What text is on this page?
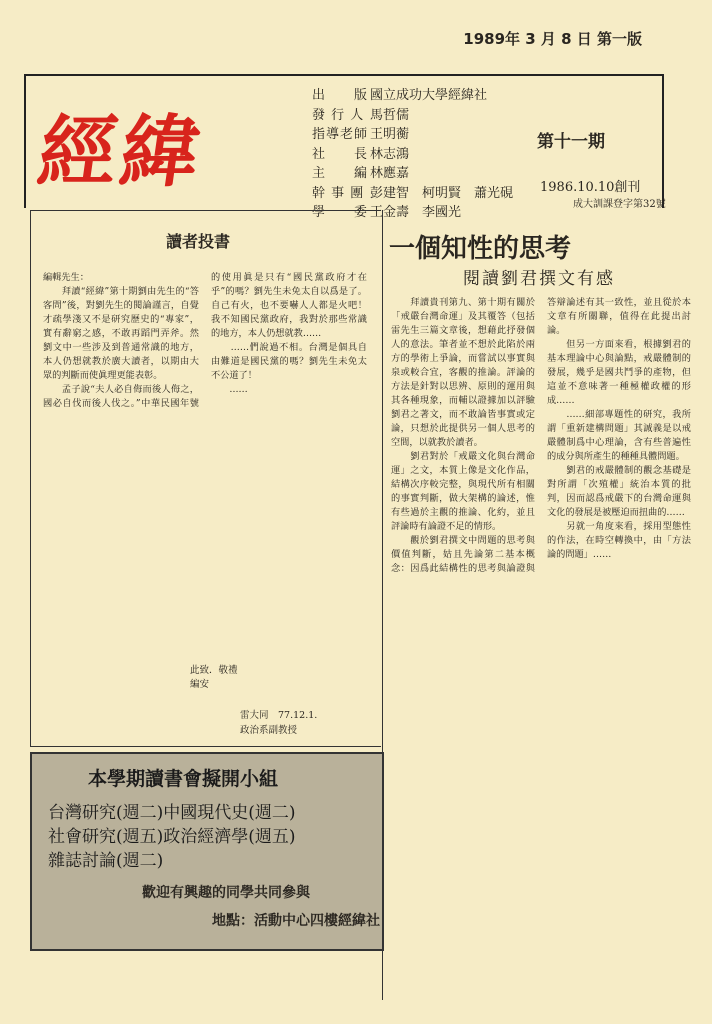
1989年 3 月 8 日 第一版
經緯
出　　版 國立成功大學經緯社
發 行 人 馬哲儒
指導老師 王明蘅
社　　長 林志鴻
主　　編 林應嘉
幹 事 團 彭建智　柯明賢　蕭光硯
學　　委 王金壽　李國光
第十一期
1986.10.10創刊
成大訓課登字第32號
讀者投書
編輯先生：
　　拜讀“經緯”第十期劉由先生的“答客問”後，對劉先生的閱論謹言，自覺才疏學淺又不是研究歷史的“專家”，實有辭窮之感，不敢再蹈門弄斧。然劉文中一些涉及到普通常識的地方，本人仍想就教於廣大讀者，以期由大眾的判斷而使眞理更能表彰。
　　孟子說“夫人必自侮而後人侮之，國必自伐而後人伐之。”中華民國年號的使用眞是只有“國民黨政府才在乎”的嗎？劉先生未免太自以爲是了。自己有火，也不要嚇人人都是火吧！我不知國民黨政府，我對於那些常識的地方，本人仍想就教……
　　……們說過不相。台灣是個具自由難道是國民黨的嗎？劉先生未免太不公道了！
　　……
此致．敬禮
編安
雷大同　77.12.1.
政治系副教授
本學期讀書會擬開小組
台灣研究(週二)中國現代史(週二)
社會研究(週五)政治經濟學(週五)
雜誌討論(週二)
歡迎有興趣的同學共同參與
地點：活動中心四樓經緯社
一個知性的思考
閱讀劉君撰文有感
　　拜讀貴刊第九、第十期有關於「戒嚴台灣命運」及其覆答（包括雷先生三篇文章後，想藉此抒發個人的意法。筆者並不想於此陷於兩方的學術上爭論，而嘗試以事實與泉或較合宜，客觀的推論。評論的方法是針對以思辨、原則的運用與其各種現象，而輔以證據加以評驗劉君之著文，而不敢論皆事實或定論，只想於此提供另一個人思考的空間，以就教於讀者。
　　劉君對於「戒嚴文化與台灣命運」之文，本質上像是文化作品，結構次序較完整，與現代所有相關的事實判斷，做大架構的論述，惟有些過於主觀的推論、化約，並且評論時有論證不足的情形。
　　觀於劉君撰文中問題的思考與價值判斷，姑且先論第二基本概念：因爲此結構性的思考與論證與答辯論述有其一致性，並且從於本文章有所關聯，值得在此提出討論。
　　但另一方面來看，根據劉君的基本理論中心與論點，戒嚴體制的發展，幾乎是國共鬥爭的產物，但這並不意味著一種極權政權的形成……
　　……細部專題性的研究，我所謂「重新建構問題」其誠義是以戒嚴體制爲中心理論，含有些普遍性的成分與所產生的種種具體問題。
　　劉君的戒嚴體制的觀念基礎是對所謂「次殖權」統治本質的批判，因而認爲戒嚴下的台灣命運與文化的發展是被壓迫而扭曲的……
　　另就一角度來看，採用型態性的作法，在時空轉換中，由「方法論的問題」……
